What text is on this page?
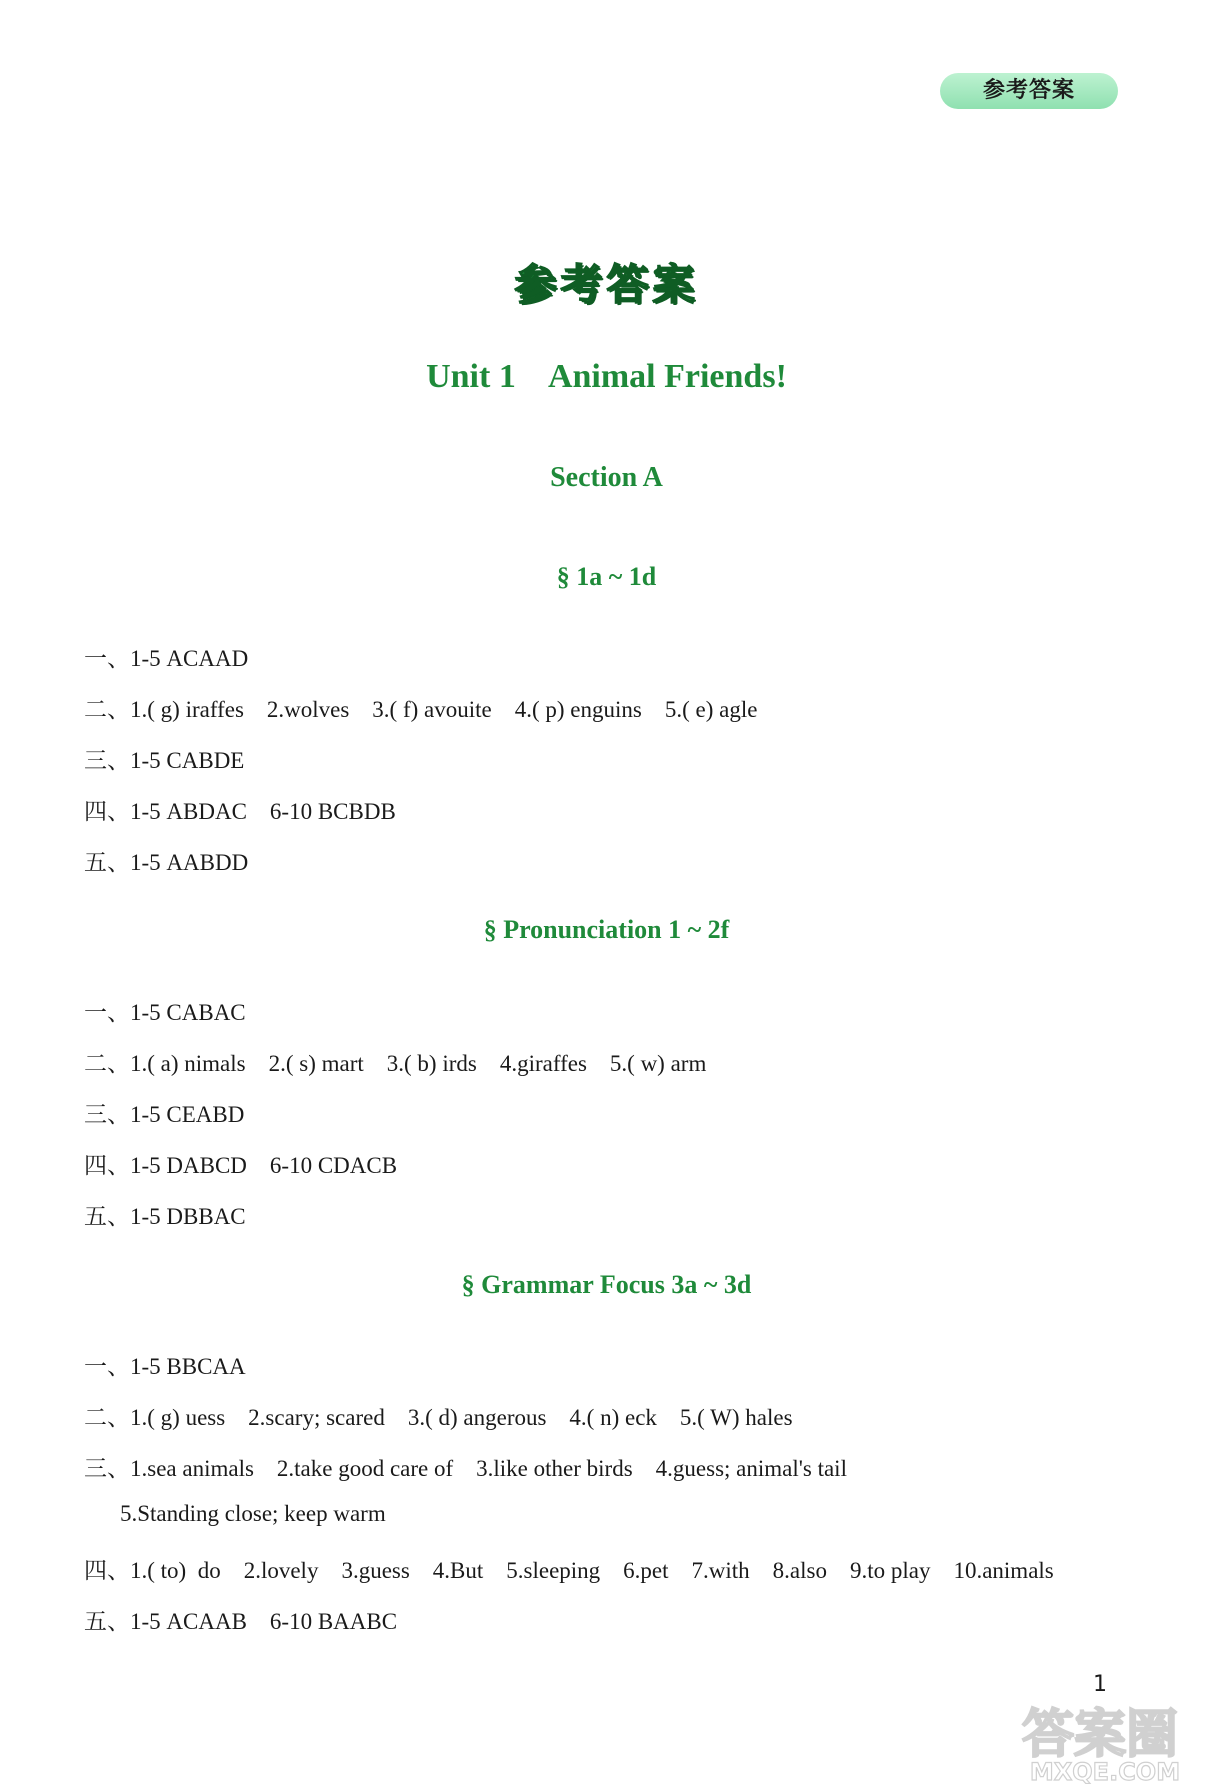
参考答案
参考答案
Unit 1    Animal Friends!
Section A
§ 1a ~ 1d
一、1-5 ACAAD
二、1.( g) iraffes    2.wolves    3.( f) avouite    4.( p) enguins    5.( e) agle
三、1-5 CABDE
四、1-5 ABDAC    6-10 BCBDB
五、1-5 AABDD
§ Pronunciation 1 ~ 2f
一、1-5 CABAC
二、1.( a) nimals    2.( s) mart    3.( b) irds    4.giraffes    5.( w) arm
三、1-5 CEABD
四、1-5 DABCD    6-10 CDACB
五、1-5 DBBAC
§ Grammar Focus 3a ~ 3d
一、1-5 BBCAA
二、1.( g) uess    2.scary; scared    3.( d) angerous    4.( n) eck    5.( W) hales
三、1.sea animals    2.take good care of    3.like other birds    4.guess; animal's tail
5.Standing close; keep warm
四、1.( to)  do    2.lovely    3.guess    4.But    5.sleeping    6.pet    7.with    8.also    9.to play    10.animals
五、1-5 ACAAB    6-10 BAABC
1
答案圈
MXQE.COM
